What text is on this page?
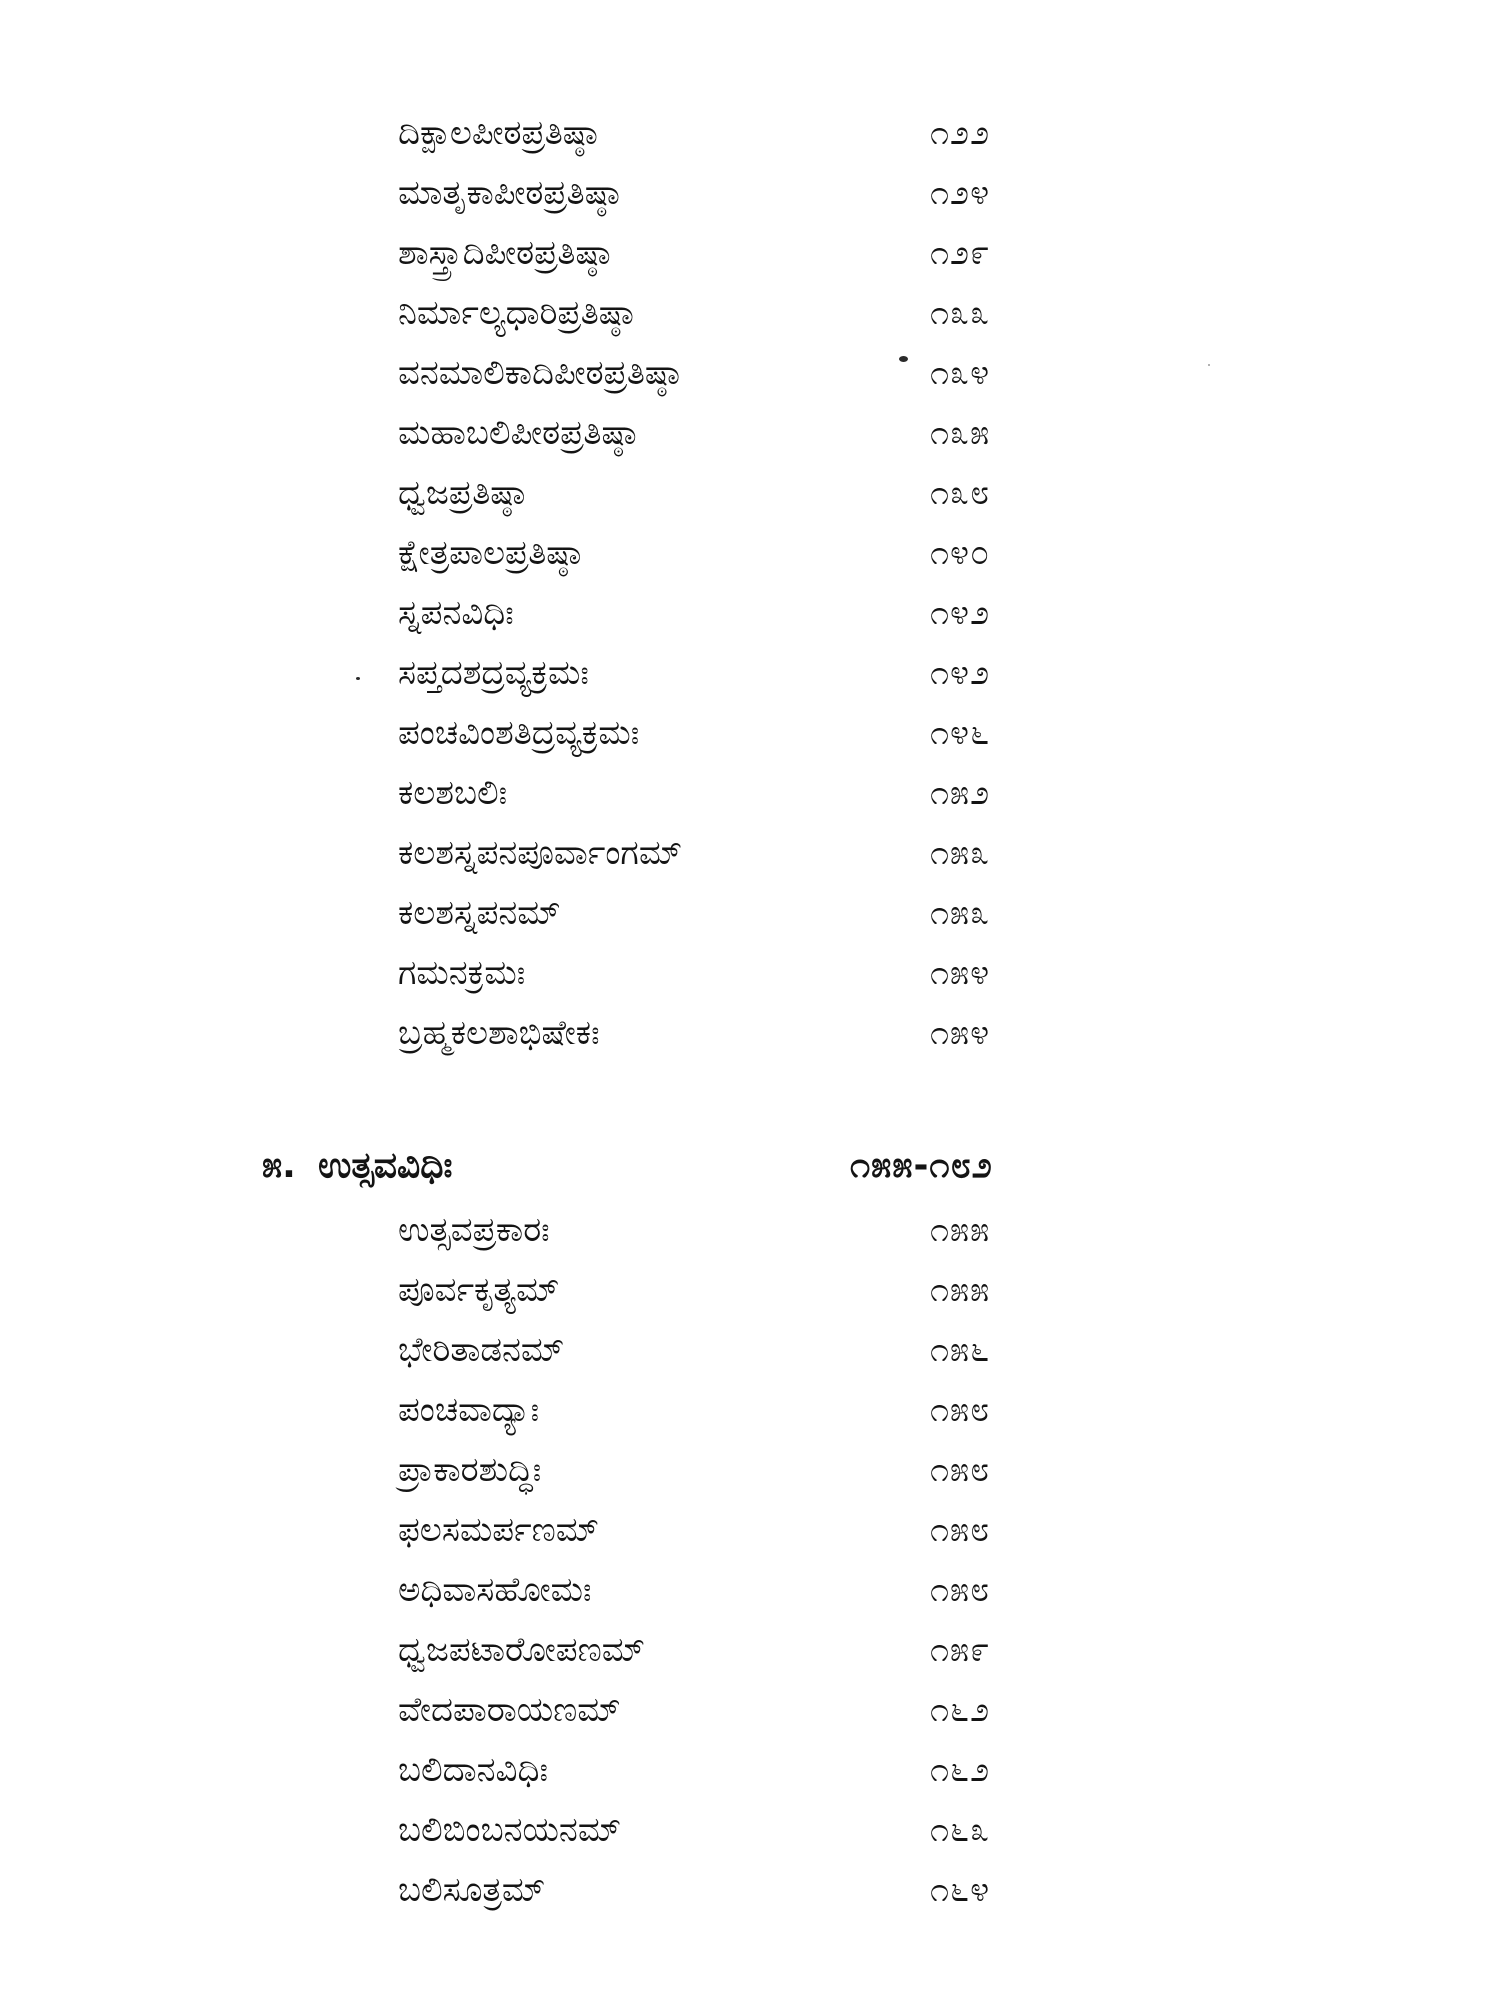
ದಿಕ್ಪಾಲಪೀಠಪ್ರತಿಷ್ಠಾ	೧೨೨
ಮಾತೃಕಾಪೀಠಪ್ರತಿಷ್ಠಾ	೧೨೪
ಶಾಸ್ತ್ರಾದಿಪೀಠಪ್ರತಿಷ್ಠಾ	೧೨೯
ನಿರ್ಮಾಲ್ಯಧಾರಿಪ್ರತಿಷ್ಠಾ	೧೩೩
ವನಮಾಲಿಕಾದಿಪೀಠಪ್ರತಿಷ್ಠಾ	೧೩೪
ಮಹಾಬಲಿಪೀಠಪ್ರತಿಷ್ಠಾ	೧೩೫
ಧ್ವಜಪ್ರತಿಷ್ಠಾ	೧೩೮
ಕ್ಷೇತ್ರಪಾಲಪ್ರತಿಷ್ಠಾ	೧೪೦
ಸ್ನಪನವಿಧಿಃ	೧೪೨
ಸಪ್ತದಶದ್ರವ್ಯಕ್ರಮಃ	೧೪೨
ಪಂಚವಿಂಶತಿದ್ರವ್ಯಕ್ರಮಃ	೧೪೬
ಕಲಶಬಲಿಃ	೧೫೨
ಕಲಶಸ್ನಪನಪೂರ್ವಾಂಗಮ್	೧೫೩
ಕಲಶಸ್ನಪನಮ್	೧೫೩
ಗಮನಕ್ರಮಃ	೧೫೪
ಬ್ರಹ್ಮಕಲಶಾಭಿಷೇಕಃ	೧೫೪
೫. ಉತ್ಸವವಿಧಿಃ	೧೫೫-೧೮೨
ಉತ್ಸವಪ್ರಕಾರಃ	೧೫೫
ಪೂರ್ವಕೃತ್ಯಮ್	೧೫೫
ಭೇರಿತಾಡನಮ್	೧೫೬
ಪಂಚವಾದ್ಯಾಃ	೧೫೮
ಪ್ರಾಕಾರಶುದ್ಧಿಃ	೧೫೮
ಫಲಸಮರ್ಪಣಮ್	೧೫೮
ಅಧಿವಾಸಹೋಮಃ	೧೫೮
ಧ್ವಜಪಟಾರೋಪಣಮ್	೧೫೯
ವೇದಪಾರಾಯಣಮ್	೧೬೨
ಬಲಿದಾನವಿಧಿಃ	೧೬೨
ಬಲಿಬಿಂಬನಯನಮ್	೧೬೩
ಬಲಿಸೂತ್ರಮ್	೧೬೪
